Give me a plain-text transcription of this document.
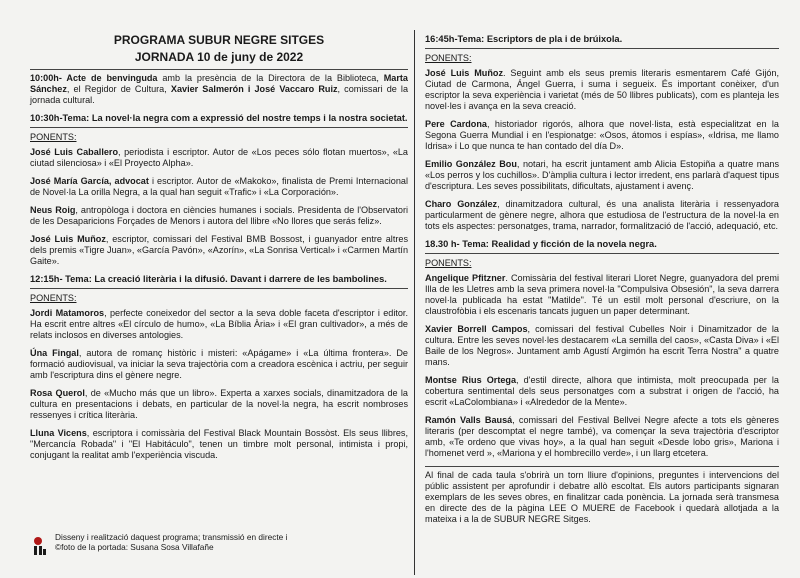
PROGRAMA SUBUR NEGRE SITGES
JORNADA 10 de juny de 2022

10:00h- Acte de benvinguda amb la presència de la Directora de la Biblioteca, Marta Sánchez, el Regidor de Cultura, Xavier Salmerón i José Vaccaro Ruiz, comissari de la jornada cultural.

10:30h-Tema: La novel·la negra com a expressió del nostre temps i la nostra societat.
PONENTS:

José Luis Caballero, periodista i escriptor. Autor de «Los peces sólo flotan muertos», «La ciutad silenciosa» i «El Proyecto Alpha».

José María García, advocat i escriptor. Autor de «Makoko», finalista de Premi Internacional de Novel·la La orilla Negra, a la qual han seguit «Trafic» i «La Corporación».

Neus Roig, antropòloga i doctora en ciències humanes i socials. Presidenta de l'Observatori de les Desaparicions Forçades de Menors i autora del llibre «No llores que serás feliz».

José Luis Muñoz, escriptor, comissari del Festival BMB Bossost, i guanyador entre altres dels premis «Tigre Juan», «García Pavón», «Azorín», «La Sonrisa Vertical» i «Carmen Martín Gaite».

12:15h- Tema: La creació literària i la difusió. Davant i darrere de les bambolines.
PONENTS:

Jordi Matamoros, perfecte coneixedor del sector a la seva doble faceta d'escriptor i editor. Ha escrit entre altres «El círculo de humo», «La Bíblia Ària» i «El gran cultivador», a més de relats inclosos en diverses antologies.

Úna Fingal, autora de romanç històric i misteri: «Apágame» i «La última frontera». De formació audiovisual, va iniciar la seva trajectòria com a creadora escènica i actriu, per seguir amb l'escriptura dins el gènere negre.

Rosa Querol, de «Mucho más que un libro». Experta a xarxes socials, dinamitzadora de la cultura en presentacions i debats, en particular de la novel·la negra, ha escrit nombroses ressenyes i crítica literària.

Lluna Vicens, escriptora i comissària del Festival Black Mountain Bossòst. Els seus llibres, "Mercancía Robada" i "El Habitáculo", tenen un timbre molt personal, intimista i propi, conjugant la realitat amb l'experiència viscuda.

16:45h-Tema: Escriptors de pla i de brúixola.
PONENTS:

José Luis Muñoz. Seguint amb els seus premis literaris esmentarem Café Gijón, Ciutad de Carmona, Ángel Guerra, i suma i segueix. És important conèixer, d'un escriptor la seva experiència i varietat (més de 50 llibres publicats), com es planteja les novel·les i avança en la seva creació.

Pere Cardona, historiador rigorós, alhora que novel·lista, està especialitzat en la Segona Guerra Mundial i en l'espionatge: «Osos, átomos i espías», «Idrisa, me llamo Idrisa» i Lo que nunca te han contado del día D».

Emilio González Bou, notari, ha escrit juntament amb Alicia Estopiña a quatre mans «Los perros y los cuchillos». D'àmplia cultura i lector irredent, ens parlarà d'aquest tipus d'escriptura. Les seves possibilitats, dificultats, ajustament i avenç.

Charo González, dinamitzadora cultural, és una analista literària i ressenyadora particularment de gènere negre, alhora que estudiosa de l'estructura de la novel·la en tots els aspectes: personatges, trama, narrador, formalització de l'acció, adequació, etc.

18.30 h- Tema: Realidad y ficción de la novela negra.
PONENTS:

Angelique Pfitzner. Comissària del festival literari Lloret Negre, guanyadora del premi Illa de les Lletres amb la seva primera novel·la "Compulsiva Obsesión", la seva darrera novel·la publicada ha estat "Matilde". Té un estil molt personal d'escriure, on la claustrofòbia i els escenaris tancats juguen un paper determinant.

Xavier Borrell Campos, comissari del festival Cubelles Noir i Dinamitzador de la cultura. Entre les seves novel·les destacarem «La semilla del caos», «Casta Diva» i «El Baile de los Negros». Juntament amb Agustí Argimón ha escrit Terra Nostra" a quatre mans.

Montse Rius Ortega, d'estil directe, alhora que intimista, molt preocupada per la cobertura sentimental dels seus personatges com a substrat i origen de l'acció, ha escrit «LaColombiana» i «Alrededor de la Mente».

Ramón Valls Bausá, comissari del Festival Bellvei Negre afecte a tots els gèneres literaris (per descomptat el negre també), va començar la seva trajectòria d'escriptor amb, «Te ordeno que vivas hoy», a la qual han seguit «Desde lobo gris», Mariona i l'homenet verd », «Mariona y el hombrecillo verde», i un llarg etcetera.

Al final de cada taula s'obrirà un torn lliure d'opinions, preguntes i intervencions del públic assistent per aprofundir i debatre allò escoltat. Els autors participants signaran exemplars de les seves obres, en finalitzar cada ponència. La jornada serà transmesa en directe des de la pàgina LEE O MUERE de Facebook i quedarà allotjada a la mateixa i a la de SUBUR NEGRE Sitges.

Disseny i realització daquest programa; transmissió en directe i
©foto de la portada: Susana Sosa Villafañe
